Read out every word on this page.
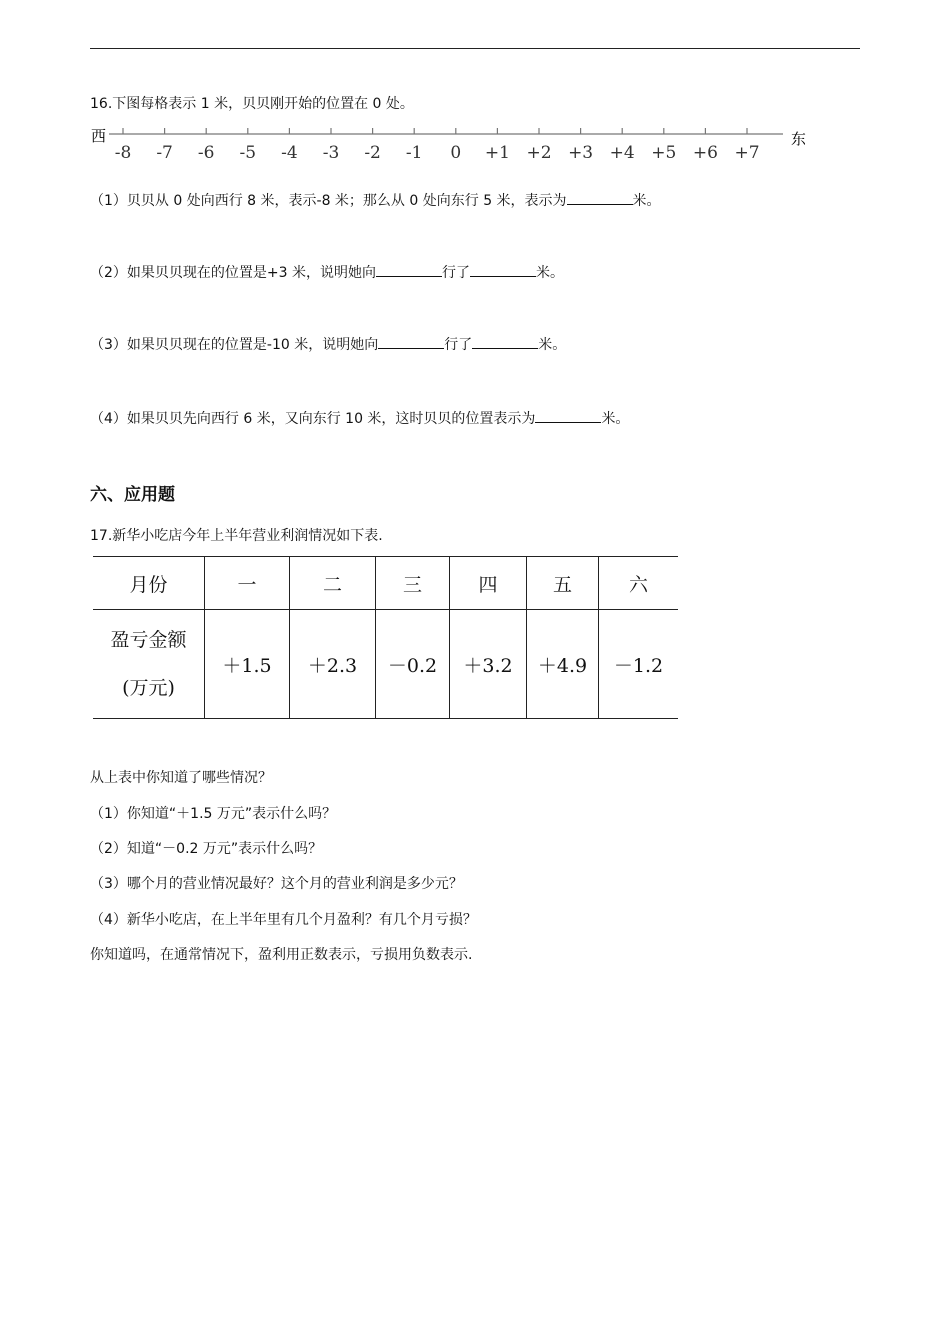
16.下图每格表示 1 米，贝贝刚开始的位置在 0 处。
西	东
-8 -7 -6 -5 -4 -3 -2 -1 0 +1 +2 +3 +4 +5 +6 +7
（1）贝贝从 0 处向西行 8 米，表示-8 米；那么从 0 处向东行 5 米，表示为	米。
（2）如果贝贝现在的位置是+3 米，说明她向	行了	米。
（3）如果贝贝现在的位置是-10 米，说明她向	行了	米。
（4）如果贝贝先向西行 6 米，又向东行 10 米，这时贝贝的位置表示为	米。
六、应用题
17.新华小吃店今年上半年营业利润情况如下表.
月份	一	二	三	四	五	六

盈亏金额
(万元)	＋1.5	＋2.3	－0.2	＋3.2	＋4.9	－1.2
从上表中你知道了哪些情况？
（1）你知道“＋1.5 万元”表示什么吗？
（2）知道“－0.2 万元”表示什么吗？
（3）哪个月的营业情况最好？这个月的营业利润是多少元？
（4）新华小吃店，在上半年里有几个月盈利？有几个月亏损？
你知道吗，在通常情况下，盈利用正数表示，亏损用负数表示.
